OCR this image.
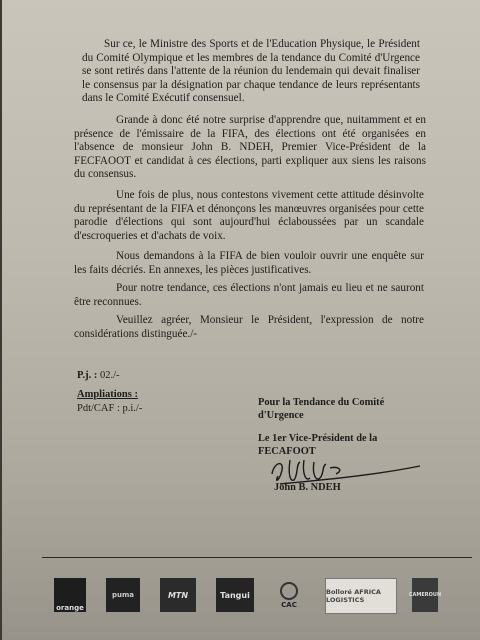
Sur ce, le Ministre des Sports et de l'Education Physique, le Président du Comité Olympique et les membres de la tendance du Comité d'Urgence se sont retirés dans l'attente de la réunion du lendemain qui devait finaliser le consensus par la désignation par chaque tendance de leurs représentants dans le Comité Exécutif consensuel.

Grande à donc été notre surprise d'apprendre que, nuitamment et en présence de l'émissaire de la FIFA, des élections ont été organisées en l'absence de monsieur John B. NDEH, Premier Vice-Président de la FECFAOOT et candidat à ces élections, parti expliquer aux siens les raisons du consensus.

Une fois de plus, nous contestons vivement cette attitude désinvolte du représentant de la FIFA et dénonçons les manœuvres organisées pour cette parodie d'élections qui sont aujourd'hui éclaboussées par un scandale d'escroqueries et d'achats de voix.

Nous demandons à la FIFA de bien vouloir ouvrir une enquête sur les faits décriés. En annexes, les pièces justificatives.

Pour notre tendance, ces élections n'ont jamais eu lieu et ne sauront être reconnues.

Veuillez agréer, Monsieur le Président, l'expression de notre considérations distinguée./-

P.j. : 02./-

Ampliations :

Pdt/CAF : p.i./-

Pour la Tendance du Comité d'Urgence

Le 1er Vice-Président de la FECAFOOT

John B. NDEH

orange
puma	MTN	Tangui
CAC
Bolloré AFRICA LOGISTICS
CAMEROUN
